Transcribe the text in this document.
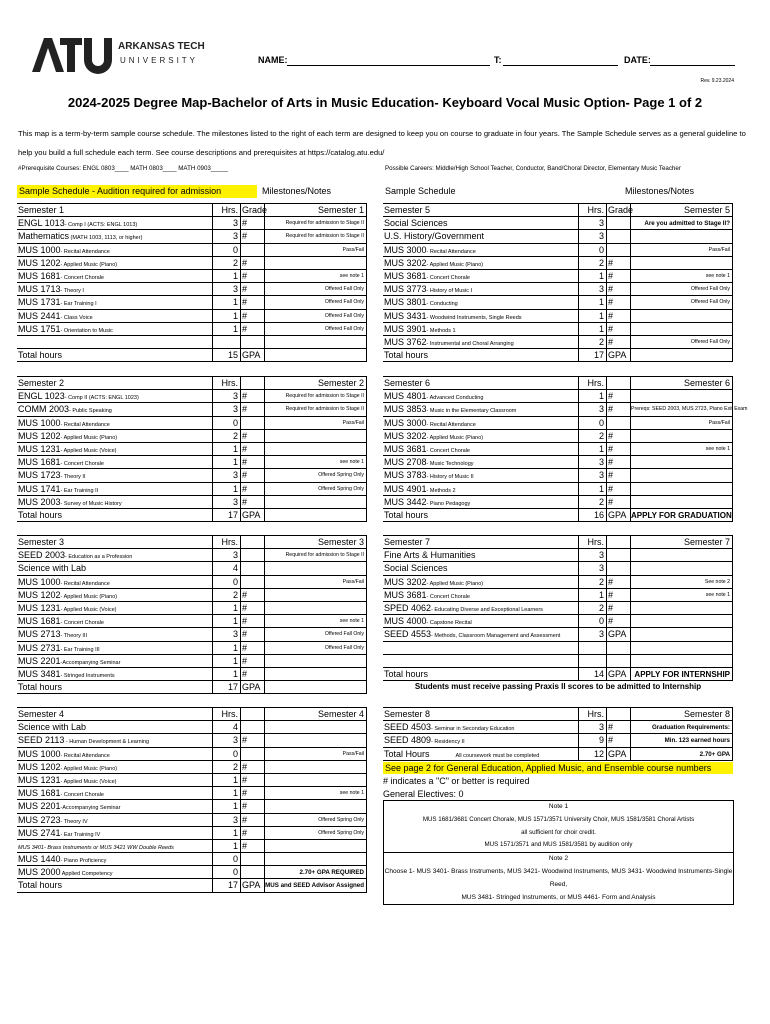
ARKANSAS TECH
UNIVERSITY	NAME:	T:	DATE:
Rev. 9.23.2024
2024-2025 Degree Map-Bachelor of Arts in Music Education- Keyboard Vocal Music Option- Page 1 of 2
This map is a term-by-term sample course schedule. The milestones listed to the right of each term are designed to keep you on course to graduate in four years. The Sample Schedule serves as a general guideline to help you build a full schedule each term. See course descriptions and prerequisites at https://catalog.atu.edu/
#Prerequisite Courses: ENGL 0803____ MATH 0803____ MATH 0903_____	Possible Careers: Middle/High School Teacher, Conductor, Band/Choral Director, Elementary Music Teacher
Sample Schedule - Audition required for admission	Milestones/Notes	Sample Schedule	Milestones/Notes
Semester 1	Hrs. Grade	Semester 1
ENGL 1013- Comp I (ACTS: ENGL 1013)	3 #	Required for admission to Stage II
Mathematics (MATH 1003, 1113, or higher)	3 #	Required for admission to Stage II
MUS 1000- Recital Attendance	0	Pass/Fail
MUS 1202- Applied Music (Piano)	2 #
MUS 1681- Concert Chorale	1 #	see note 1
MUS 1713- Theory I	3 #	Offered Fall Only
MUS 1731- Ear Training I	1 #	Offered Fall Only
MUS 2441- Class Voice	1 #	Offered Fall Only
MUS 1751- Orientation to Music	1 #	Offered Fall Only
Total hours	15 GPA
Semester 2	Hrs.	Semester 2
ENGL 1023- Comp II (ACTS: ENGL 1023)	3 #	Required for admission to Stage II
COMM 2003- Public Speaking	3 #	Required for admission to Stage II
MUS 1000- Recital Attendance	0	Pass/Fail
MUS 1202- Applied Music (Piano)	2 #
MUS 1231- Applied Music (Voice)	1 #
MUS 1681- Concert Chorale	1 #	see note 1
MUS 1723- Theory II	3 #	Offered Spring Only
MUS 1741- Ear Training II	1 #	Offered Spring Only
MUS 2003- Survey of Music History	3 #
Total hours	17 GPA
Semester 3	Hrs.	Semester 3
SEED 2003- Education as a Profession	3	Required for admission to Stage II
Science with Lab	4
MUS 1000- Recital Attendance	0	Pass/Fail
MUS 1202- Applied Music (Piano)	2 #
MUS 1231- Applied Music (Voice)	1 #
MUS 1681- Concert Chorale	1 #	see note 1
MUS 2713- Theory III	3 #	Offered Fall Only
MUS 2731- Ear Training III	1 #	Offered Fall Only
MUS 2201-Accompanying Seminar	1 #
MUS 3481- Stringed Instruments	1 #
Total hours	17 GPA
Semester 4	Hrs.	Semester 4
Science with Lab	4
SEED 2113 - Human Development & Learning	3 #
MUS 1000- Recital Attendance	0	Pass/Fail
MUS 1202- Applied Music (Piano)	2 #
MUS 1231- Applied Music (Voice)	1 #
MUS 1681- Concert Chorale	1 #	see note 1
MUS 2201-Accompanying Seminar	1 #
MUS 2723- Theory IV	3 #	Offered Spring Only
MUS 2741- Ear Training IV	1 #	Offered Spring Only
MUS 3401- Brass Instruments or MUS 3421 WW Double Reeds	1 #
MUS 1440- Piano Proficiency	0
MUS 2000 Applied Competency	0	2.70+ GPA REQUIRED
Total hours	17 GPA MUS and SEED Advisor Assigned
Semester 5	Hrs. Grade	Semester 5
Social Sciences	3	Are you admitted to Stage II?
U.S. History/Government	3
MUS 3000- Recital Attendance	0	Pass/Fail
MUS 3202- Applied Music (Piano)	2 #
MUS 3681- Concert Chorale	1 #	see note 1
MUS 3773- History of Music I	3 #	Offered Fall Only
MUS 3801- Conducting	1 #	Offered Fall Only
MUS 3431- Woodwind Instruments, Single Reeds	1 #
MUS 3901- Methods 1	1 #
MUS 3762- Instrumental and Choral Arranging	2 #	Offered Fall Only
Total hours	17 GPA
Semester 6	Hrs.	Semester 6
MUS 4801- Advanced Conducting	1 #
MUS 3853- Music in the Elementary Classroom	3 #	Prereqs: SEED 2003, MUS 2723, Piano Exit Exam
MUS 3000- Recital Attendance	0	Pass/Fail
MUS 3202- Applied Music (Piano)	2 #
MUS 3681- Concert Chorale	1 #	see note 1
MUS 2708- Music Technology	3 #
MUS 3783- History of Music II	3 #
MUS 4901- Methods 2	1 #
MUS 3442- Piano Pedagogy	2 #
Total hours	16 GPA APPLY FOR GRADUATION
Semester 7	Hrs.	Semester 7
Fine Arts & Humanities	3
Social Sciences	3
MUS 3202- Applied Music (Piano)	2 #	See note 2
MUS 3681- Concert Chorale	1 #	see note 1
SPED 4062- Educating Diverse and Exceptional Learners	2 #
MUS 4000- Capstone Recital	0 #
SEED 4553- Methods, Classroom Management and Assessment	3 GPA
Total hours	14 GPA	APPLY FOR INTERNSHIP
Semester 8	Hrs.	Semester 8
SEED 4503- Seminar in Secondary Education	3 #	Graduation Requirements:
SEED 4809- Residency II	9 #	Min. 123 earned hours
Total Hours	All coursework must be completed	12 GPA	2.70+ GPA
Students must receive passing Praxis II scores to be admitted to Internship
See page 2 for General Education, Applied Music, and Ensemble course numbers
# indicates a "C" or better is required
General Electives: 0
Note 1
MUS 1681/3681 Concert Chorale, MUS 1571/3571 University Choir, MUS 1581/3581 Choral Artists
all sufficient for choir credit.
MUS 1571/3571 and MUS 1581/3581 by audition only
Note 2
Choose 1- MUS 3401- Brass Instruments, MUS 3421- Woodwind Instruments, MUS 3431- Woodwind Instruments-Single Reed,
MUS 3481- Stringed Instruments, or MUS 4461- Form and Analysis
